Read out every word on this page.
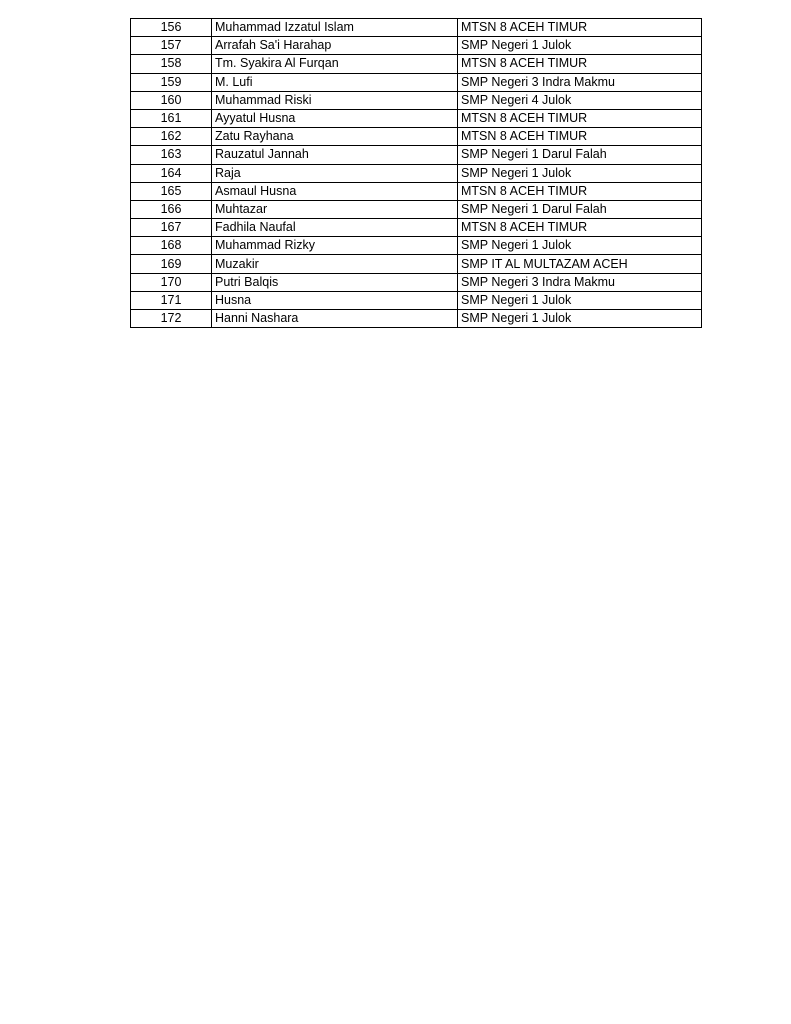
156	Muhammad Izzatul Islam	MTSN 8 ACEH TIMUR
157	Arrafah Sa'i Harahap	SMP Negeri 1 Julok
158	Tm. Syakira Al Furqan	MTSN 8 ACEH TIMUR
159	M. Lufi	SMP Negeri 3 Indra Makmu
160	Muhammad Riski	SMP Negeri 4 Julok
161	Ayyatul Husna	MTSN 8 ACEH TIMUR
162	Zatu Rayhana	MTSN 8 ACEH TIMUR
163	Rauzatul Jannah	SMP Negeri 1 Darul Falah
164	Raja	SMP Negeri 1 Julok
165	Asmaul Husna	MTSN 8 ACEH TIMUR
166	Muhtazar	SMP Negeri 1 Darul Falah
167	Fadhila Naufal	MTSN 8 ACEH TIMUR
168	Muhammad Rizky	SMP Negeri 1 Julok
169	Muzakir	SMP IT AL MULTAZAM ACEH
170	Putri Balqis	SMP Negeri 3 Indra Makmu
171	Husna	SMP Negeri 1 Julok
172	Hanni Nashara	SMP Negeri 1 Julok
